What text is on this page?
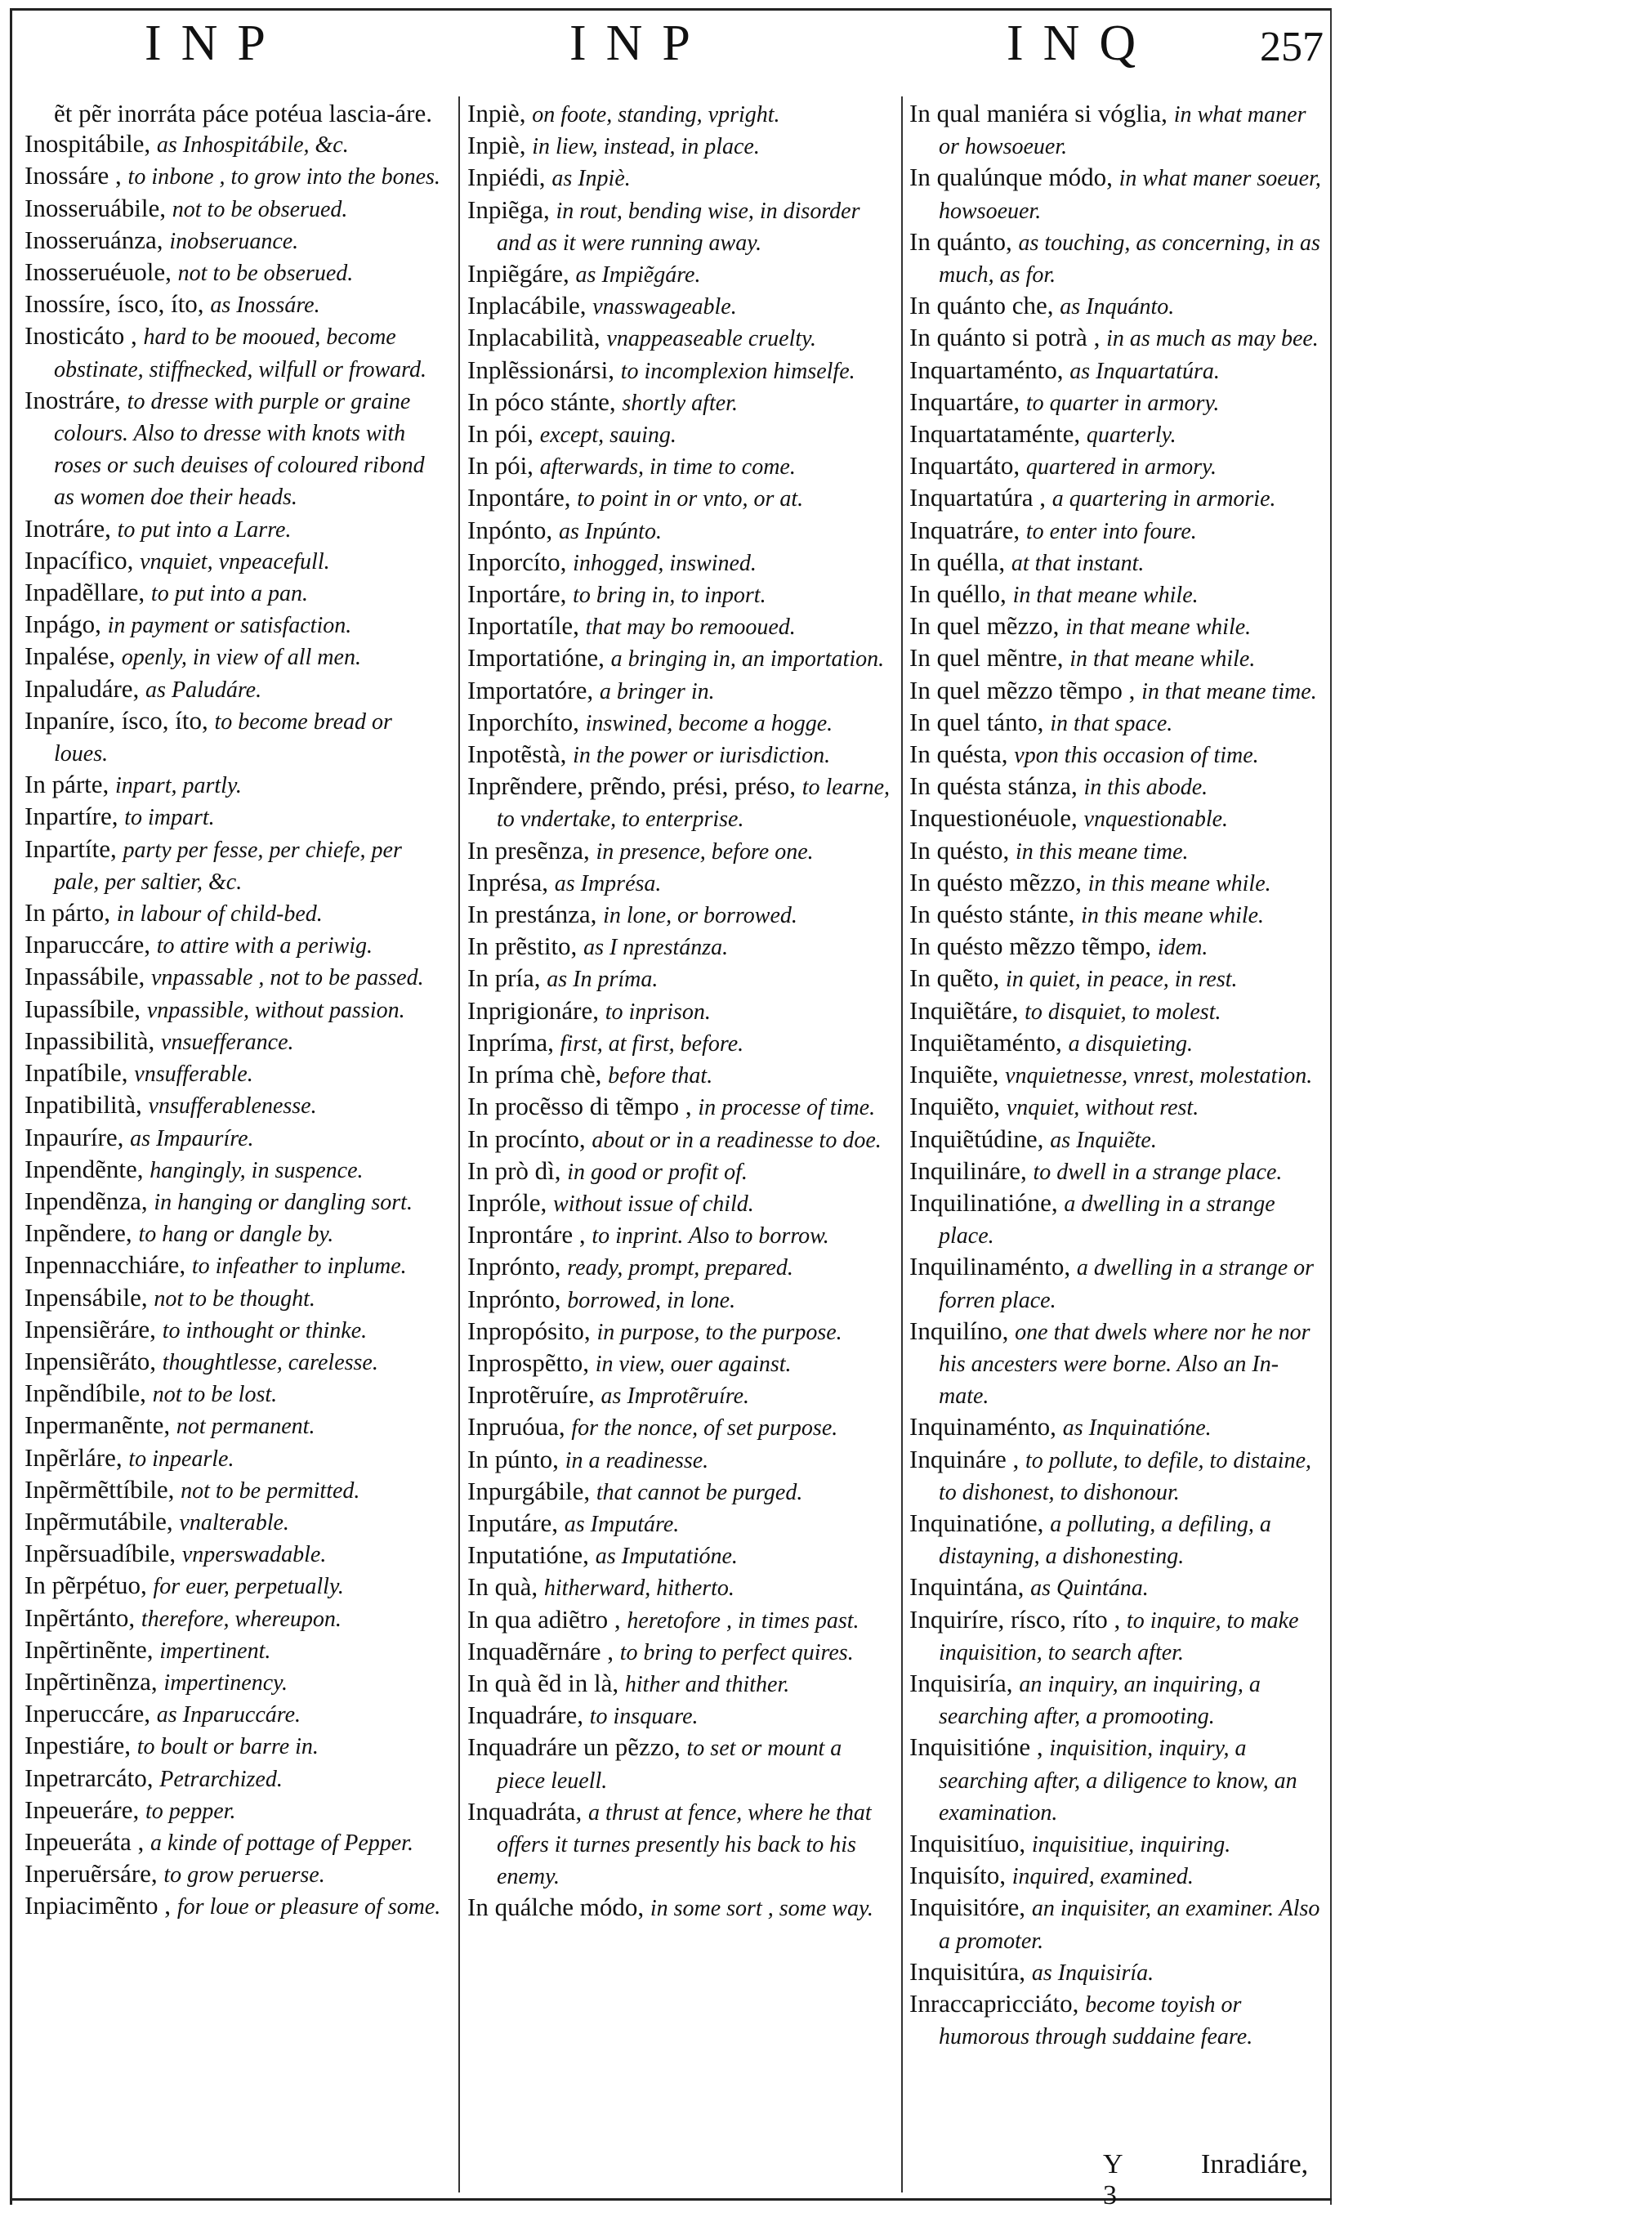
INP	INP	INQ 257

ẽt pẽr inorráta páce potéua lascia-áre.

Inospitábile, as Inhospitábile, &c.

Inossáre , to inbone , to grow into the bones.

Inosseruábile, not to be obserued.

Inosseruánza, inobseruance.

Inosseruéuole, not to be obserued.

Inossíre, ísco, íto, as Inossáre.

Inosticáto , hard to be mooued, become obstinate, stiffnecked, wilfull or froward.

Inostráre, to dresse with purple or graine colours. Also to dresse with knots with roses or such deuises of coloured ribond as women doe their heads.

Inotráre, to put into a Larre.

Inpacífico, vnquiet, vnpeacefull.

Inpadẽllare, to put into a pan.

Inpágo, in payment or satisfaction.

Inpalése, openly, in view of all men.

Inpaludáre, as Paludáre.

Inpaníre, ísco, íto, to become bread or loues.

In párte, inpart, partly.

Inpartíre, to impart.

Inpartíte, party per fesse, per chiefe, per pale, per saltier, &c.

In párto, in labour of child-bed.

Inparuccáre, to attire with a periwig.

Inpassábile, vnpassable , not to be passed.

Iupassíbile, vnpassible, without passion.

Inpassibilità, vnsuefferance.

Inpatíbile, vnsufferable.

Inpatibilità, vnsufferablenesse.

Inpauríre, as Impauríre.

Inpendẽnte, hangingly, in suspence.

Inpendẽnza, in hanging or dangling sort.

Inpẽndere, to hang or dangle by.

Inpennacchiáre, to infeather to inplume.

Inpensábile, not to be thought.

Inpensiẽráre, to inthought or thinke.

Inpensiẽráto, thoughtlesse, carelesse.

Inpẽndíbile, not to be lost.

Inpermanẽnte, not permanent.

Inpẽrláre, to inpearle.

Inpẽrmẽttíbile, not to be permitted.

Inpẽrmutábile, vnalterable.

Inpẽrsuadíbile, vnperswadable.

In pẽrpétuo, for euer, perpetually.

Inpẽrtánto, therefore, whereupon.

Inpẽrtinẽnte, impertinent.

Inpẽrtinẽnza, impertinency.

Inperuccáre, as Inparuccáre.

Inpestiáre, to boult or barre in.

Inpetrarcáto, Petrarchized.

Inpeueráre, to pepper.

Inpeueráta , a kinde of pottage of Pepper.

Inperuẽrsáre, to grow peruerse.

Inpiacimẽnto , for loue or pleasure of some.

Inpiè, on foote, standing, vpright.

Inpiè, in liew, instead, in place.

Inpiédi, as Inpiè.

Inpiẽga, in rout, bending wise, in disorder and as it were running away.

Inpiẽgáre, as Impiẽgáre.

Inplacábile, vnasswageable.

Inplacabilità, vnappeaseable cruelty.

Inplẽssionársi, to incomplexion himselfe.

In póco stánte, shortly after.

In pói, except, sauing.

In pói, afterwards, in time to come.

Inpontáre, to point in or vnto, or at.

Inpónto, as Inpúnto.

Inporcíto, inhogged, inswined.

Inportáre, to bring in, to inport.

Inportatíle, that may bo remooued.

Importatióne, a bringing in, an importation.

Importatóre, a bringer in.

Inporchíto, inswined, become a hogge.

Inpotẽstà, in the power or iurisdiction.

Inprẽndere, prẽndo, prési, préso, to learne, to vndertake, to enterprise.

In presẽnza, in presence, before one.

Inprésa, as Imprésa.

In prestánza, in lone, or borrowed.

In prẽstito, as I nprestánza.

In pría, as In príma.

Inprigionáre, to inprison.

Inpríma, first, at first, before.

In príma chè, before that.

In procẽsso di tẽmpo , in processe of time.

In procínto, about or in a readinesse to doe.

In prò dì, in good or profit of.

Inpróle, without issue of child.

Inprontáre , to inprint. Also to borrow.

Inprónto, ready, prompt, prepared.

Inprónto, borrowed, in lone.

Inpropósito, in purpose, to the purpose.

Inprospẽtto, in view, ouer against.

Inprotẽruíre, as Improtẽruíre.

Inpruóua, for the nonce, of set purpose.

In púnto, in a readinesse.

Inpurgábile, that cannot be purged.

Inputáre, as Imputáre.

Inputatióne, as Imputatióne.

In quà, hitherward, hitherto.

In qua adiẽtro , heretofore , in times past.

Inquadẽrnáre , to bring to perfect quires.

In quà ẽd in là, hither and thither.

Inquadráre, to insquare.

Inquadráre un pẽzzo, to set or mount a piece leuell.

Inquadráta, a thrust at fence, where he that offers it turnes presently his back to his enemy.

In quálche módo, in some sort , some way.

In qual maniéra si vóglia, in what maner or howsoeuer.

In qualúnque módo, in what maner soeuer, howsoeuer.

In quánto, as touching, as concerning, in as much, as for.

In quánto che, as Inquánto.

In quánto si potrà , in as much as may bee.

Inquartaménto, as Inquartatúra.

Inquartáre, to quarter in armory.

Inquartataménte, quarterly.

Inquartáto, quartered in armory.

Inquartatúra , a quartering in armorie.

Inquatráre, to enter into foure.

In quélla, at that instant.

In quéllo, in that meane while.

In quel mẽzzo, in that meane while.

In quel mẽntre, in that meane while.

In quel mẽzzo tẽmpo , in that meane time.

In quel tánto, in that space.

In quésta, vpon this occasion of time.

In quésta stánza, in this abode.

Inquestionéuole, vnquestionable.

In quésto, in this meane time.

In quésto mẽzzo, in this meane while.

In quésto stánte, in this meane while.

In quésto mẽzzo tẽmpo, idem.

In quẽto, in quiet, in peace, in rest.

Inquiẽtáre, to disquiet, to molest.

Inquiẽtaménto, a disquieting.

Inquiẽte, vnquietnesse, vnrest, molestation.

Inquiẽto, vnquiet, without rest.

Inquiẽtúdine, as Inquiẽte.

Inquilináre, to dwell in a strange place.

Inquilinatióne, a dwelling in a strange place.

Inquilinaménto, a dwelling in a strange or forren place.

Inquilíno, one that dwels where nor he nor his ancesters were borne. Also an In-mate.

Inquinaménto, as Inquinatióne.

Inquináre , to pollute, to defile, to distaine, to dishonest, to dishonour.

Inquinatióne, a polluting, a defiling, a distayning, a dishonesting.

Inquintána, as Quintána.

Inquiríre, rísco, ríto , to inquire, to make inquisition, to search after.

Inquisiría, an inquiry, an inquiring, a searching after, a promooting.

Inquisitióne , inquisition, inquiry, a searching after, a diligence to know, an examination.

Inquisitíuo, inquisitiue, inquiring.

Inquisíto, inquired, examined.

Inquisitóre, an inquisiter, an examiner. Also a promoter.

Inquisitúra, as Inquisiría.

Inraccapricciáto, become toyish or humorous through suddaine feare.

Y 3
Inradiáre,
